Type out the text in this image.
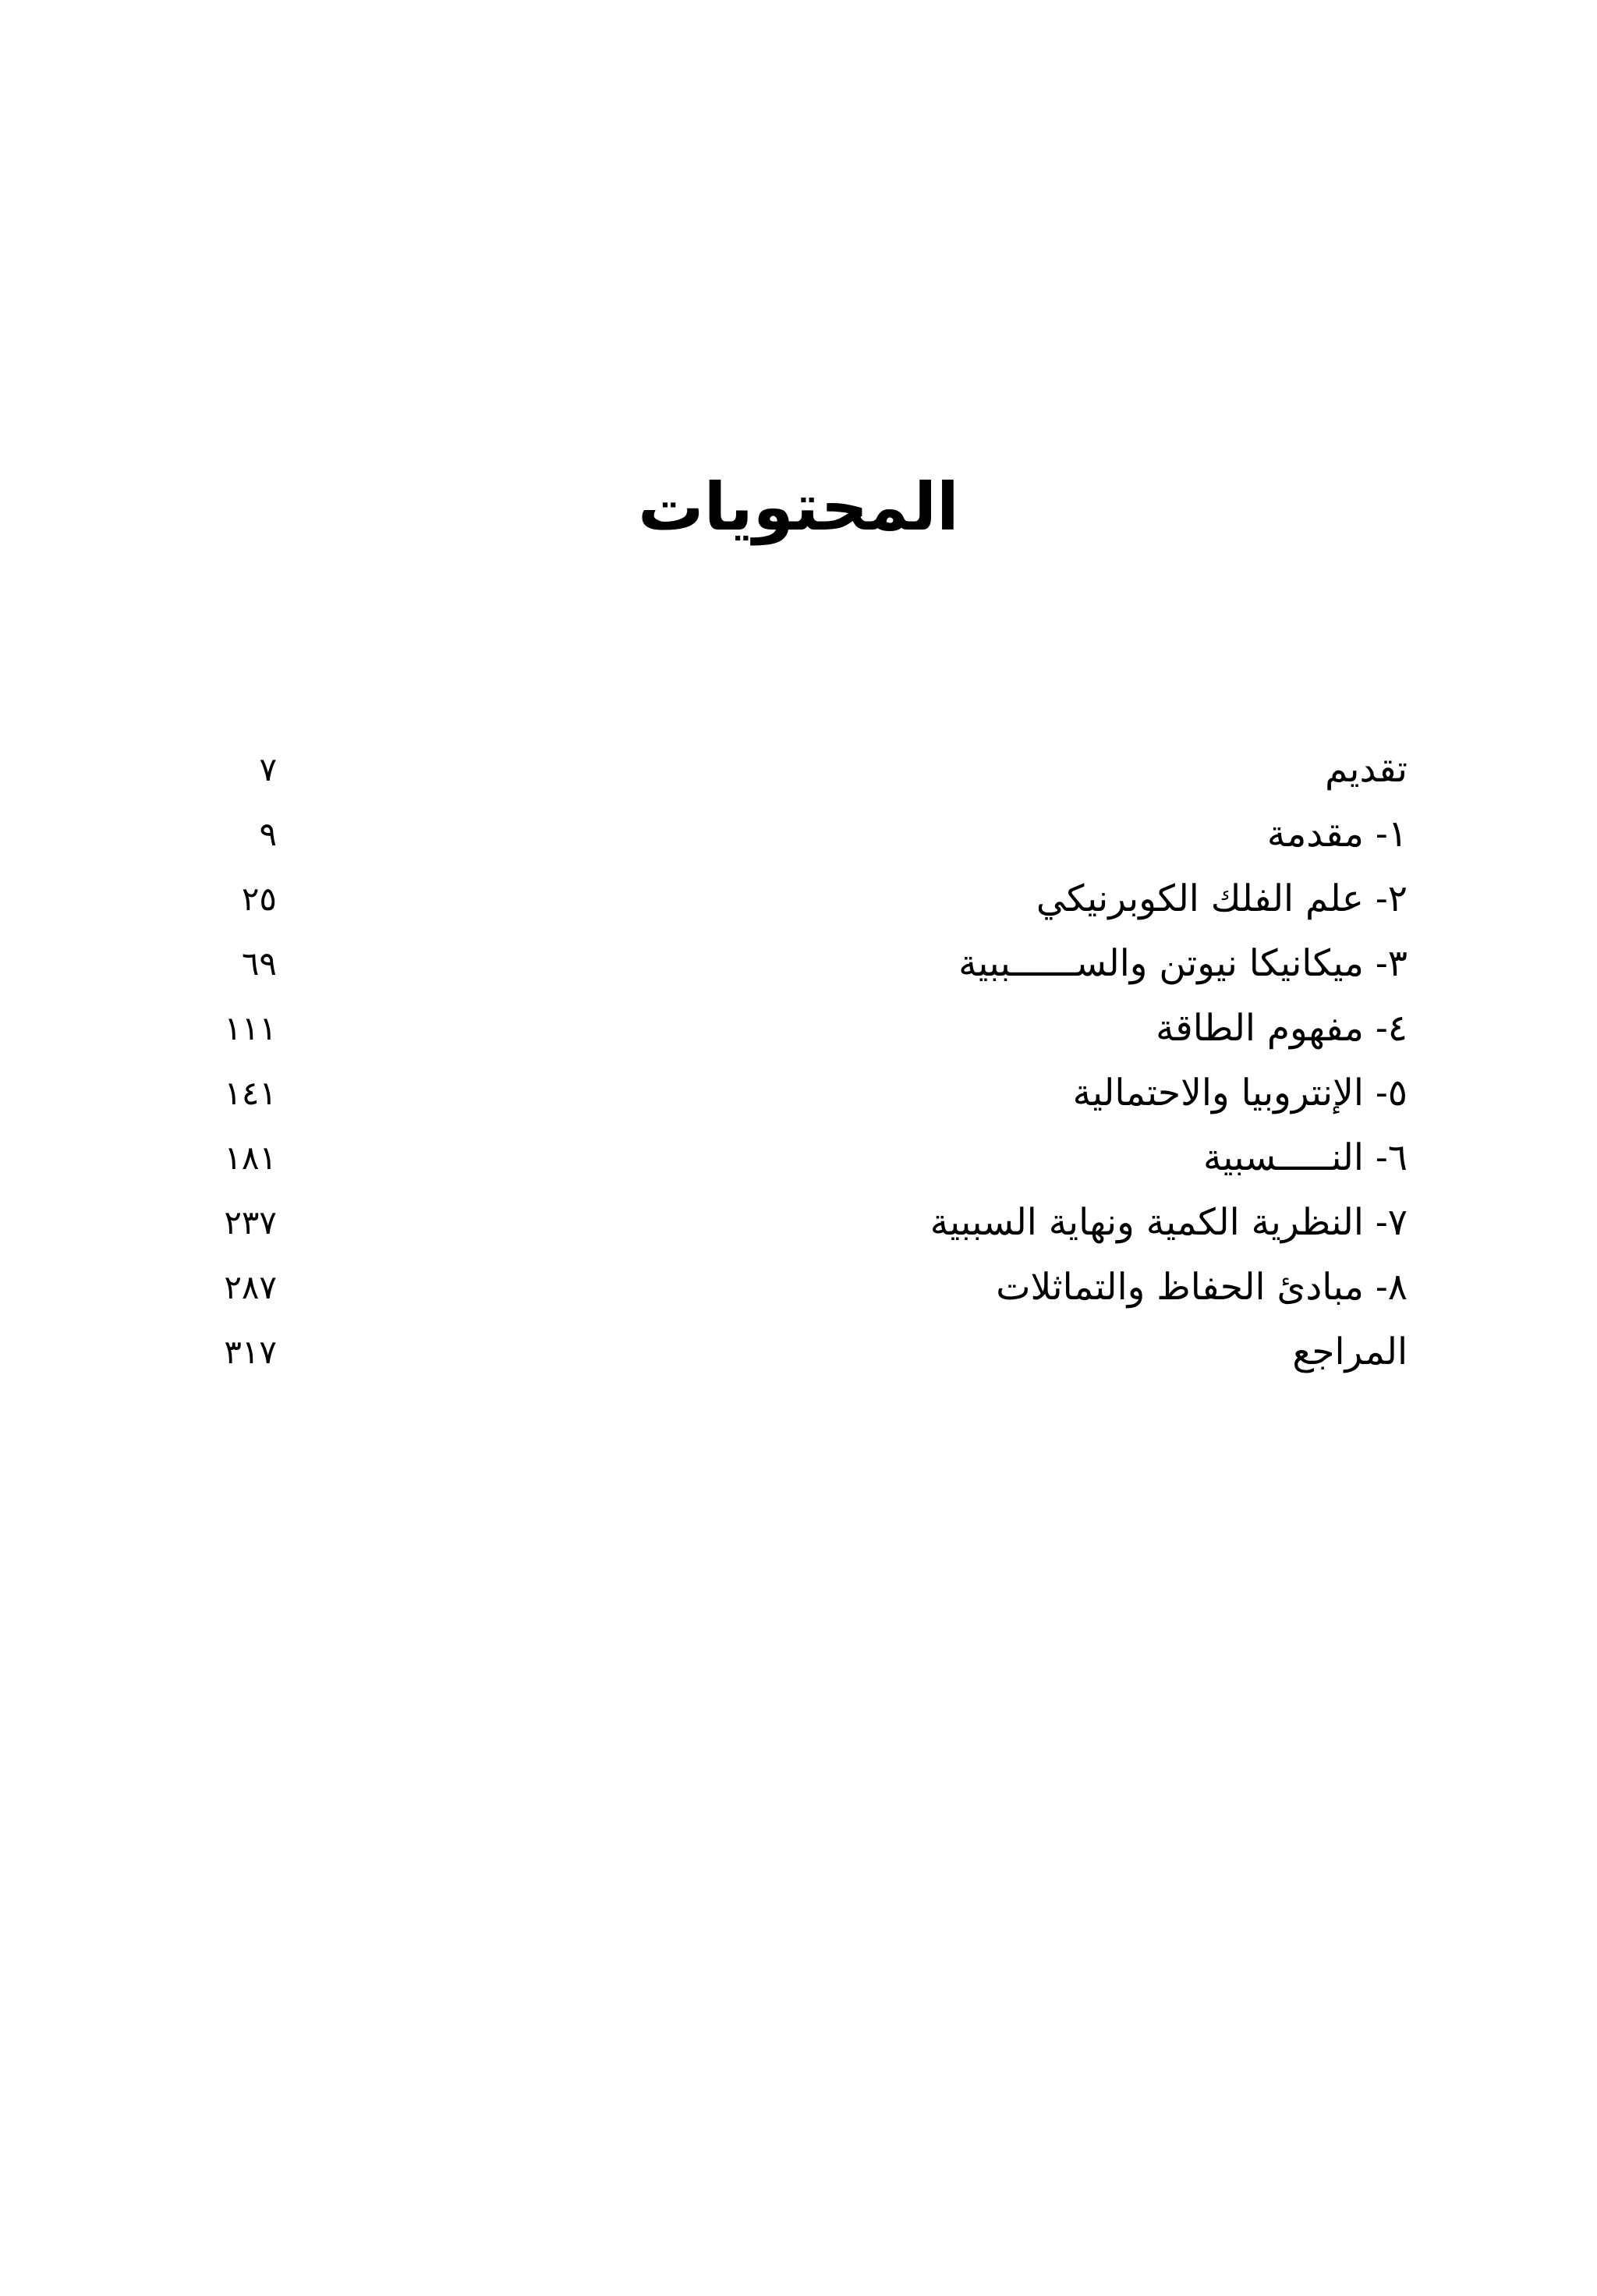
المحتويات
تقديم
٧
١- مقدمة
٩
٢- علم الفلك الكوبرنيكي
٢٥
٣- ميكانيكا نيوتن والســــــببية
٦٩
٤- مفهوم الطاقة
١١١
٥- الإنتروبيا والاحتمالية
١٤١
٦- النـــــسبية
١٨١
٧- النظرية الكمية ونهاية السببية
٢٣٧
٨- مبادئ الحفاظ والتماثلات
٢٨٧
المراجع
٣١٧
